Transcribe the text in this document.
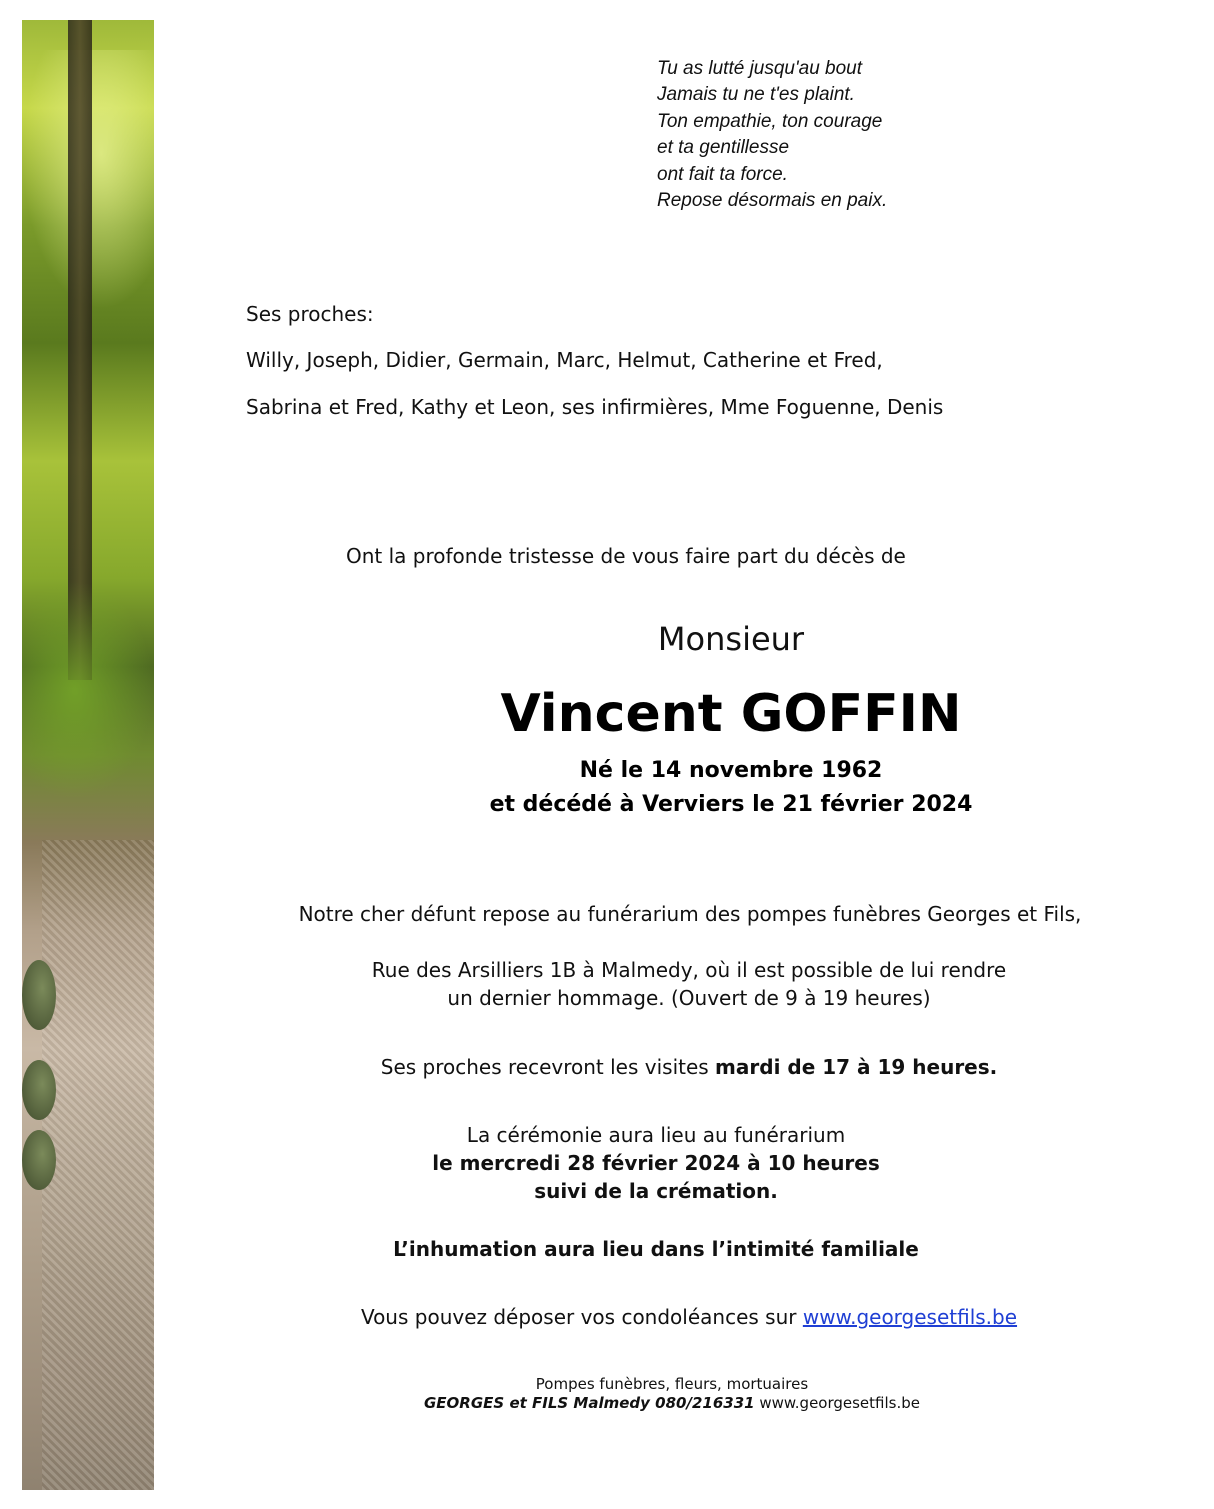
Tu as lutté jusqu'au bout
Jamais tu ne t'es plaint.
Ton empathie, ton courage
et ta gentillesse
ont fait ta force.
Repose désormais en paix.
Ses proches:
Willy, Joseph, Didier, Germain, Marc, Helmut, Catherine et Fred,
Sabrina et Fred, Kathy et Leon, ses infirmières, Mme Foguenne, Denis
Ont la profonde tristesse de vous faire part du décès de
Monsieur
Vincent GOFFIN
Né le 14 novembre 1962
et décédé à Verviers le 21 février 2024
Notre cher défunt repose au funérarium des pompes funèbres Georges et Fils,
Rue des Arsilliers 1B à Malmedy, où il est possible de lui rendre
un dernier hommage. (Ouvert de 9 à 19 heures)
Ses proches recevront les visites mardi de 17 à 19 heures.
La cérémonie aura lieu au funérarium
le mercredi 28 février 2024 à 10 heures
suivi de la crémation.
L’inhumation aura lieu dans l’intimité familiale
Vous pouvez déposer vos condoléances sur www.georgesetfils.be
Pompes funèbres, fleurs, mortuaires
GEORGES et FILS Malmedy 080/216331 www.georgesetfils.be
